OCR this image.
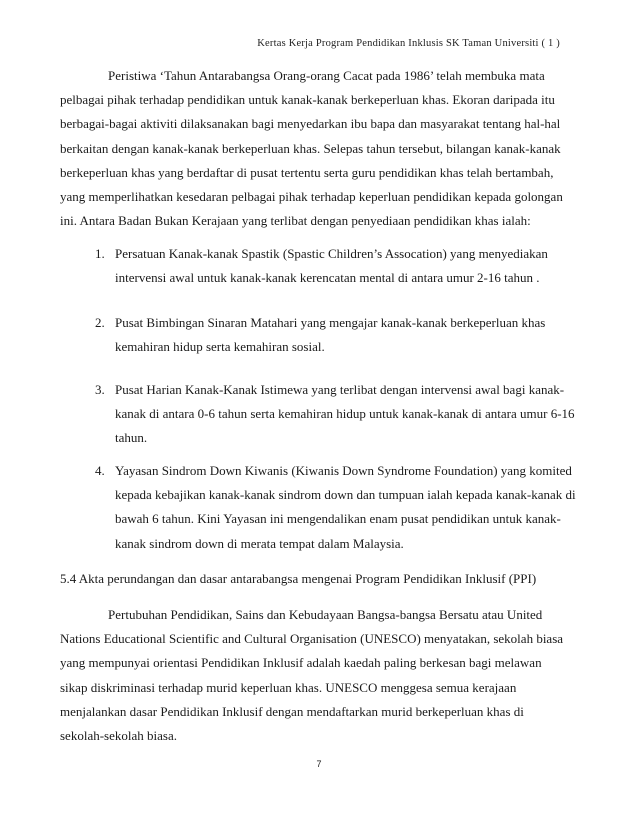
Kertas Kerja Program Pendidikan Inklusis SK Taman Universiti ( 1 )
Peristiwa ‘Tahun Antarabangsa Orang-orang Cacat pada 1986’ telah membuka mata
pelbagai pihak terhadap pendidikan untuk kanak-kanak berkeperluan khas. Ekoran daripada itu
berbagai-bagai aktiviti dilaksanakan bagi menyedarkan ibu bapa dan masyarakat tentang hal-hal
berkaitan dengan kanak-kanak berkeperluan khas. Selepas tahun tersebut, bilangan kanak-kanak
berkeperluan khas yang berdaftar di pusat tertentu serta guru pendidikan khas telah bertambah,
yang memperlihatkan kesedaran pelbagai pihak terhadap keperluan pendidikan kepada golongan
ini. Antara Badan Bukan Kerajaan yang terlibat dengan penyediaan pendidikan khas ialah:
1. Persatuan Kanak-kanak Spastik (Spastic Children’s Assocation) yang menyediakan
intervensi awal untuk kanak-kanak kerencatan mental di antara umur 2-16 tahun .
2. Pusat Bimbingan Sinaran Matahari yang mengajar kanak-kanak berkeperluan khas
kemahiran hidup serta kemahiran sosial.
3. Pusat Harian Kanak-Kanak Istimewa yang terlibat dengan intervensi awal bagi kanak-
kanak di antara 0-6 tahun serta kemahiran hidup untuk kanak-kanak di antara umur 6-16
tahun.
4. Yayasan Sindrom Down Kiwanis (Kiwanis Down Syndrome Foundation) yang komited
kepada kebajikan kanak-kanak sindrom down dan tumpuan ialah kepada kanak-kanak di
bawah 6 tahun. Kini Yayasan ini mengendalikan enam pusat pendidikan untuk kanak-
kanak sindrom down di merata tempat dalam Malaysia.
5.4 Akta perundangan dan dasar antarabangsa mengenai Program Pendidikan Inklusif (PPI)
Pertubuhan Pendidikan, Sains dan Kebudayaan Bangsa-bangsa Bersatu atau United
Nations Educational Scientific and Cultural Organisation (UNESCO) menyatakan, sekolah biasa
yang mempunyai orientasi Pendidikan Inklusif adalah kaedah paling berkesan bagi melawan
sikap diskriminasi terhadap murid keperluan khas. UNESCO menggesa semua kerajaan
menjalankan dasar Pendidikan Inklusif dengan mendaftarkan murid berkeperluan khas di
sekolah-sekolah biasa.
7
